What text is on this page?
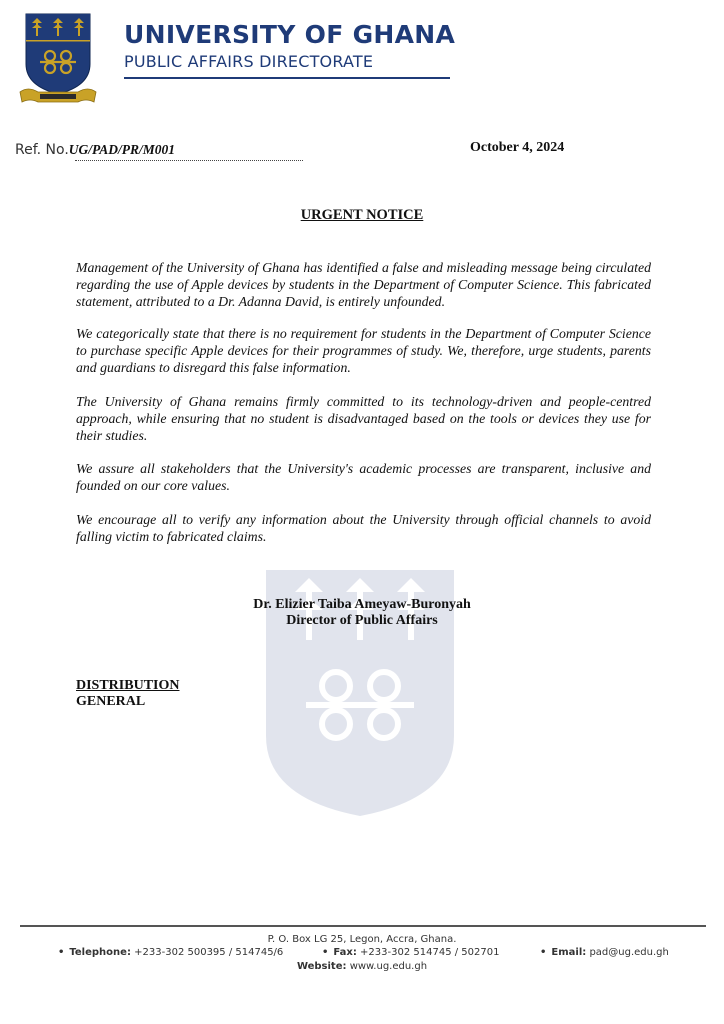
UNIVERSITY OF GHANA
PUBLIC AFFAIRS DIRECTORATE
Ref. No.UG/PAD/PR/M001	October 4, 2024
URGENT NOTICE
Management of the University of Ghana has identified a false and misleading message being circulated regarding the use of Apple devices by students in the Department of Computer Science. This fabricated statement, attributed to a Dr. Adanna David, is entirely unfounded.
We categorically state that there is no requirement for students in the Department of Computer Science to purchase specific Apple devices for their programmes of study. We, therefore, urge students, parents and guardians to disregard this false information.
The University of Ghana remains firmly committed to its technology-driven and people-centred approach, while ensuring that no student is disadvantaged based on the tools or devices they use for their studies.
We assure all stakeholders that the University's academic processes are transparent, inclusive and founded on our core values.
We encourage all to verify any information about the University through official channels to avoid falling victim to fabricated claims.
Dr. Elizier Taiba Ameyaw-Buronyah
Director of Public Affairs
DISTRIBUTION
GENERAL
P. O. Box LG 25, Legon, Accra, Ghana.
• Telephone: +233-302 500395 / 514745/6	• Fax: +233-302 514745 / 502701	• Email: pad@ug.edu.gh
Website: www.ug.edu.gh
